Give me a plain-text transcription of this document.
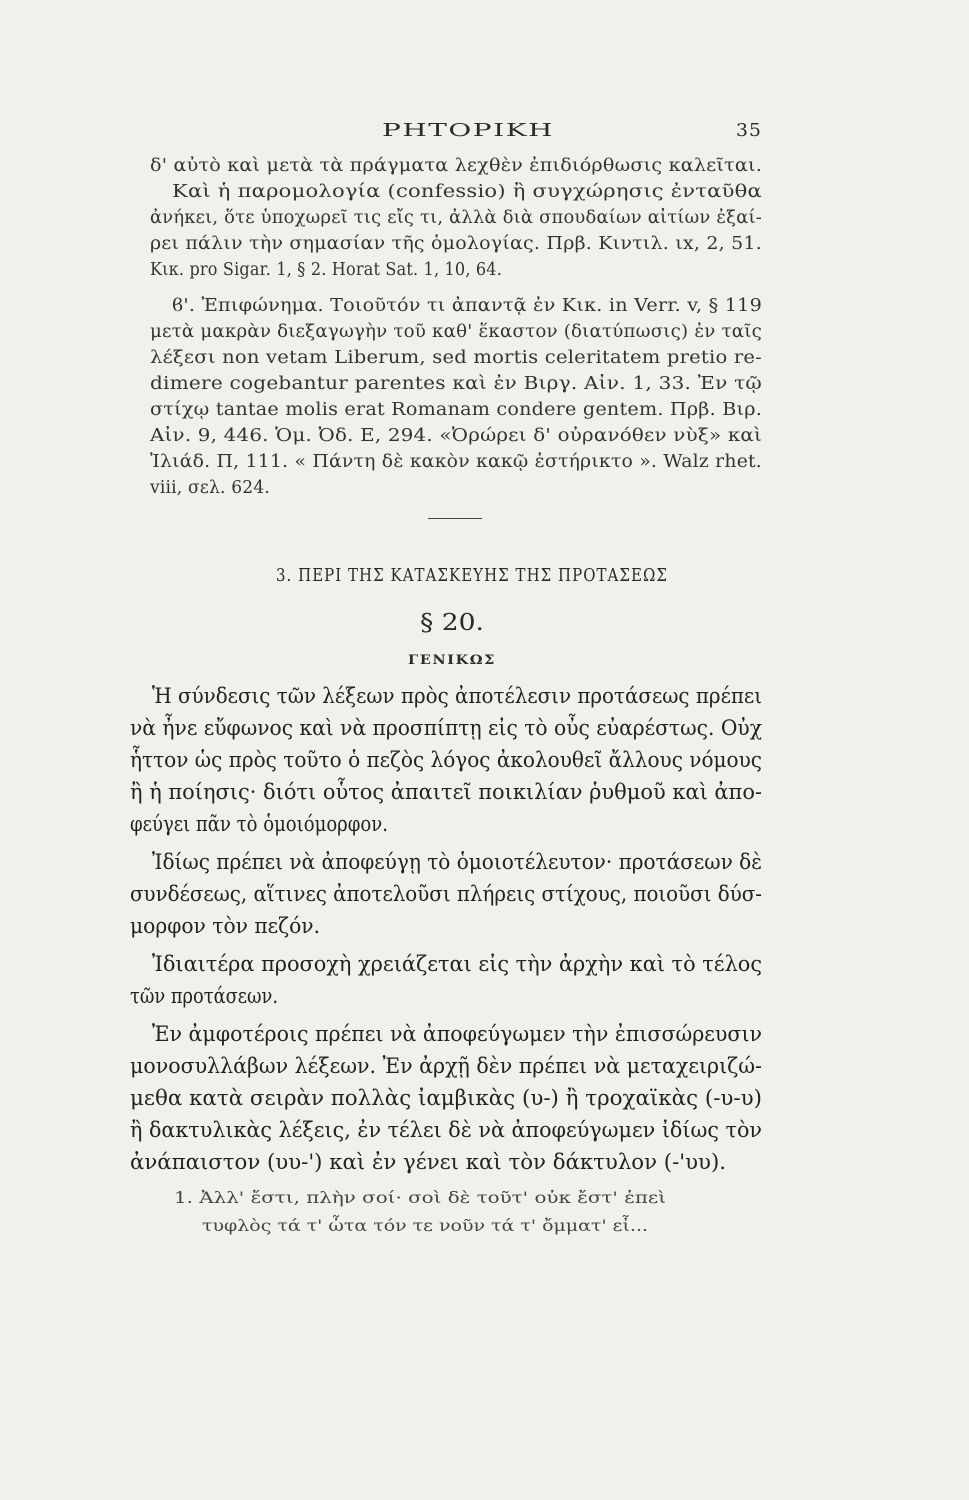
ΡΗΤΟΡΙΚΗ	35
δ' αὐτὸ καὶ μετὰ τὰ πράγματα λεχθὲν ἐπιδιόρθωσις καλεῖται.
Καὶ ἡ παρομολογία (confessio) ἢ συγχώρησις ἐνταῦθα
ἀνήκει, ὅτε ὑποχωρεῖ τις εἴς τι, ἀλλὰ διὰ σπουδαίων αἰτίων ἐξαί-
ρει πάλιν τὴν σημασίαν τῆς ὁμολογίας. Πρβ. Κιντιλ. ιx, 2, 51.
Κικ. pro Sigar. 1, § 2. Horat Sat. 1, 10, 64.
ϐ'. Ἐπιφώνημα. Τοιοῦτόν τι ἀπαντᾷ ἐν Κικ. in Verr. v, § 119
μετὰ μακρὰν διεξαγωγὴν τοῦ καθ' ἕκαστον (διατύπωσις) ἐν ταῖς
λέξεσι non vetam Liberum, sed mortis celeritatem pretio re-
dimere cogebantur parentes καὶ ἐν Βιργ. Αἰν. 1, 33. Ἐν τῷ
στίχῳ tantae molis erat Romanam condere gentem. Πρβ. Βιρ.
Αἰν. 9, 446. Ὁμ. Ὀδ. Ε, 294. «Ὀρώρει δ' οὐρανόθεν νὺξ» καὶ
Ἰλιάδ. Π, 111. « Πάντη δὲ κακὸν κακῷ ἐστήρικτο ». Walz rhet.
viii, σελ. 624.
3. ΠΕΡΙ ΤΗΣ ΚΑΤΑΣΚΕΥΗΣ ΤΗΣ ΠΡΟΤΑΣΕΩΣ
§ 20.
ΓΕΝΙΚΩΣ
Ἡ σύνδεσις τῶν λέξεων πρὸς ἀποτέλεσιν προτάσεως πρέπει
νὰ ἦνε εὔφωνος καὶ νὰ προσπίπτῃ εἰς τὸ οὖς εὐαρέστως. Οὐχ
ἧττον ὡς πρὸς τοῦτο ὁ πεζὸς λόγος ἀκολουθεῖ ἄλλους νόμους
ἢ ἡ ποίησις· διότι οὗτος ἀπαιτεῖ ποικιλίαν ῥυθμοῦ καὶ ἀπο-
φεύγει πᾶν τὸ ὁμοιόμορφον.
Ἰδίως πρέπει νὰ ἀποφεύγῃ τὸ ὁμοιοτέλευτον· προτάσεων δὲ
συνδέσεως, αἵτινες ἀποτελοῦσι πλήρεις στίχους, ποιοῦσι δύσ-
μορφον τὸν πεζόν.
Ἰδιαιτέρα προσοχὴ χρειάζεται εἰς τὴν ἀρχὴν καὶ τὸ τέλος
τῶν προτάσεων.
Ἐν ἀμφοτέροις πρέπει νὰ ἀποφεύγωμεν τὴν ἐπισσώρευσιν
μονοσυλλάβων λέξεων. Ἐν ἀρχῇ δὲν πρέπει νὰ μεταχειριζώ-
μεθα κατὰ σειρὰν πολλὰς ἰαμβικὰς (υ-) ἢ τροχαϊκὰς (-υ-υ)
ἢ δακτυλικὰς λέξεις, ἐν τέλει δὲ νὰ ἀποφεύγωμεν ἰδίως τὸν
ἀνάπαιστον (υυ-') καὶ ἐν γένει καὶ τὸν δάκτυλον (-'υυ).
1. Ἀλλ' ἔστι, πλὴν σοί· σοὶ δὲ τοῦτ' οὐκ ἔστ' ἐπεὶ
τυφλὸς τά τ' ὦτα τόν τε νοῦν τά τ' ὄμματ' εἶ...
